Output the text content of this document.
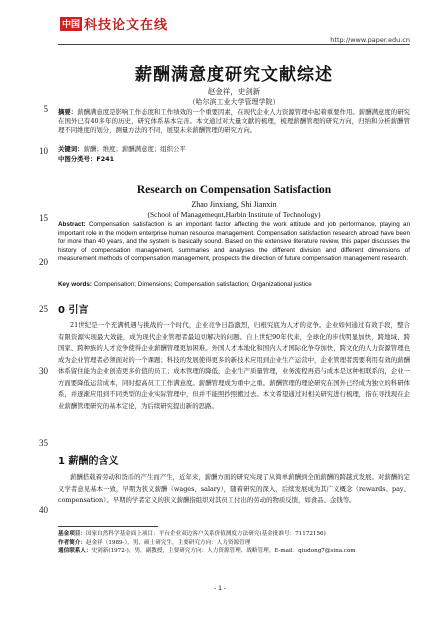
中国 科技论文在线
http://www.paper.edu.cn
薪酬满意度研究文献综述
赵金祥，史剑新
（哈尔滨工业大学管理学院）
摘要：薪酬满意度是影响工作态度和工作绩效的一个重要因素，在现代企业人力资源管理中起着重要作用。薪酬满意度的研究在国外已有40多年的历史，研究体系基本完善。本文通过对大量文献的梳理，梳理薪酬管理的研究方向，归纳和分析薪酬管理不同维度的划分，测量方法的不同，展望未来薪酬管理的研究方向。
关键词：薪酬；维度；薪酬满意度；组织公平
中图分类号：F241
Research on Compensation Satisfaction
Zhao Jinxiang, Shi Jianxin
(School of Managemeqnt,Harbin Institute of Technology)
Abstract: Compensation satisfaction is an important factor affecting the work attitude and job performance, playing an important role in the modern enterprise human resource management. Compensation satisfaction research abroad have been for more than 40 years, and the system is basically sound. Based on the extensive literature review, this paper discusses the history of compensation management, summaries and analyses the different division and different dimensions of measurement methods of compensation management, prospects the direction of future compensation management research.
Key words: Compensation; Dimensions; Compensation satisfaction; Organizational justice
0 引言
21世纪是一个充满机遇与挑战的一个时代，企业竞争日趋激烈，归根究底为人才的竞争。企业如何通过有效手段，整合有限资源实现最大效能，成为现代企业管理者最迫切解决的问题。自上世纪90年代来，全球化的步伐明显加快，跨地域、跨国家、跨种族的人才竞争使得企业薪酬管理更加困难。外国人才本地化和国内人才国际化争夺加快，跨文化的人力资源管理也成为企业管理者必须面对的一个课题；科技的发展使得更多的新技术应用到企业生产运营中，企业管理者需要利用有效的薪酬体系留住能为企业创造更多价值的员工；成本管理的降低，企业生产质量管理，业务流程再造与成本是这种相联系的，企业一方面要降低运营成本，同时提高员工工作满意度。薪酬管理成为重中之重。薪酬管理的理论研究在国外已经成为独立的科研体系，并逐渐应用到不同类型的企业实际管理中，但并不能照抄照搬过去。本文希望通过对相关研究进行梳理，指在寻找现在企业薪酬管理研究的基本定论，为后续研究提出新的思路。
1 薪酬的含义
薪酬搭载着劳动和货币的产生而产生，近年来，薪酬方面的研究实现了从简单薪酬到全面薪酬的跨越式发展。对薪酬的定义学者意见基本一致，早期为狭义薪酬（wages、salary），随着研究的深入，后续发展成为其广义概念（rewards、pay、compensation）。早期的学者定义的狭义薪酬指组织对其员工付出的劳动的物质反馈，如食品、金钱等。
基金项目：国家自然科学基金面上项目：平台企业双边客户关系价值测度方法研究(基金批准号：71172156)
作者简介：赵金祥（1989-），男，硕士研究生，主要研究方向：人力资源管理
通信联系人：史剑新(1972-)，男，副教授，主要研究方向：人力资源管理、战略管理。E-mail：qiudong7@sina.com
- 1 -
5
10
15
20
25
30
35
40
